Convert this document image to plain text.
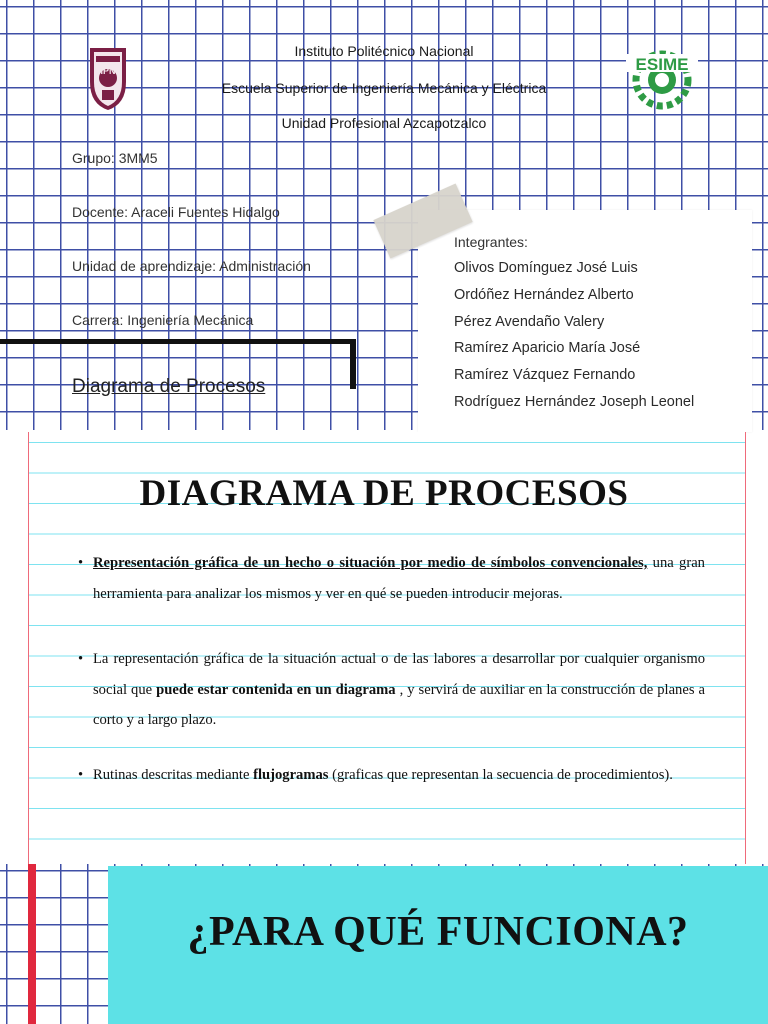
IPN	ESIME
Instituto Politécnico Nacional
Escuela Superior de Ingeniería Mecánica y Eléctrica
Unidad Profesional Azcapotzalco
Grupo: 3MM5
Docente: Araceli Fuentes Hidalgo
Unidad de aprendizaje: Administración
Carrera: Ingeniería Mecánica
Integrantes:
Olivos Domínguez José Luis
Ordóñez Hernández Alberto
Pérez Avendaño Valery
Ramírez Aparicio María José
Ramírez Vázquez Fernando
Rodríguez Hernández Joseph Leonel
Diagrama de Procesos
DIAGRAMA DE PROCESOS
• Representación gráfica de un hecho o situación por medio de símbolos convencionales, una gran herramienta para analizar los mismos y ver en qué se pueden introducir mejoras.
• La representación gráfica de la situación actual o de las labores a desarrollar por cualquier organismo social que puede estar contenida en un diagrama , y servirá de auxiliar en la construcción de planes a corto y a largo plazo.
• Rutinas descritas mediante flujogramas (graficas que representan la secuencia de procedimientos).
¿PARA QUÉ FUNCIONA?
